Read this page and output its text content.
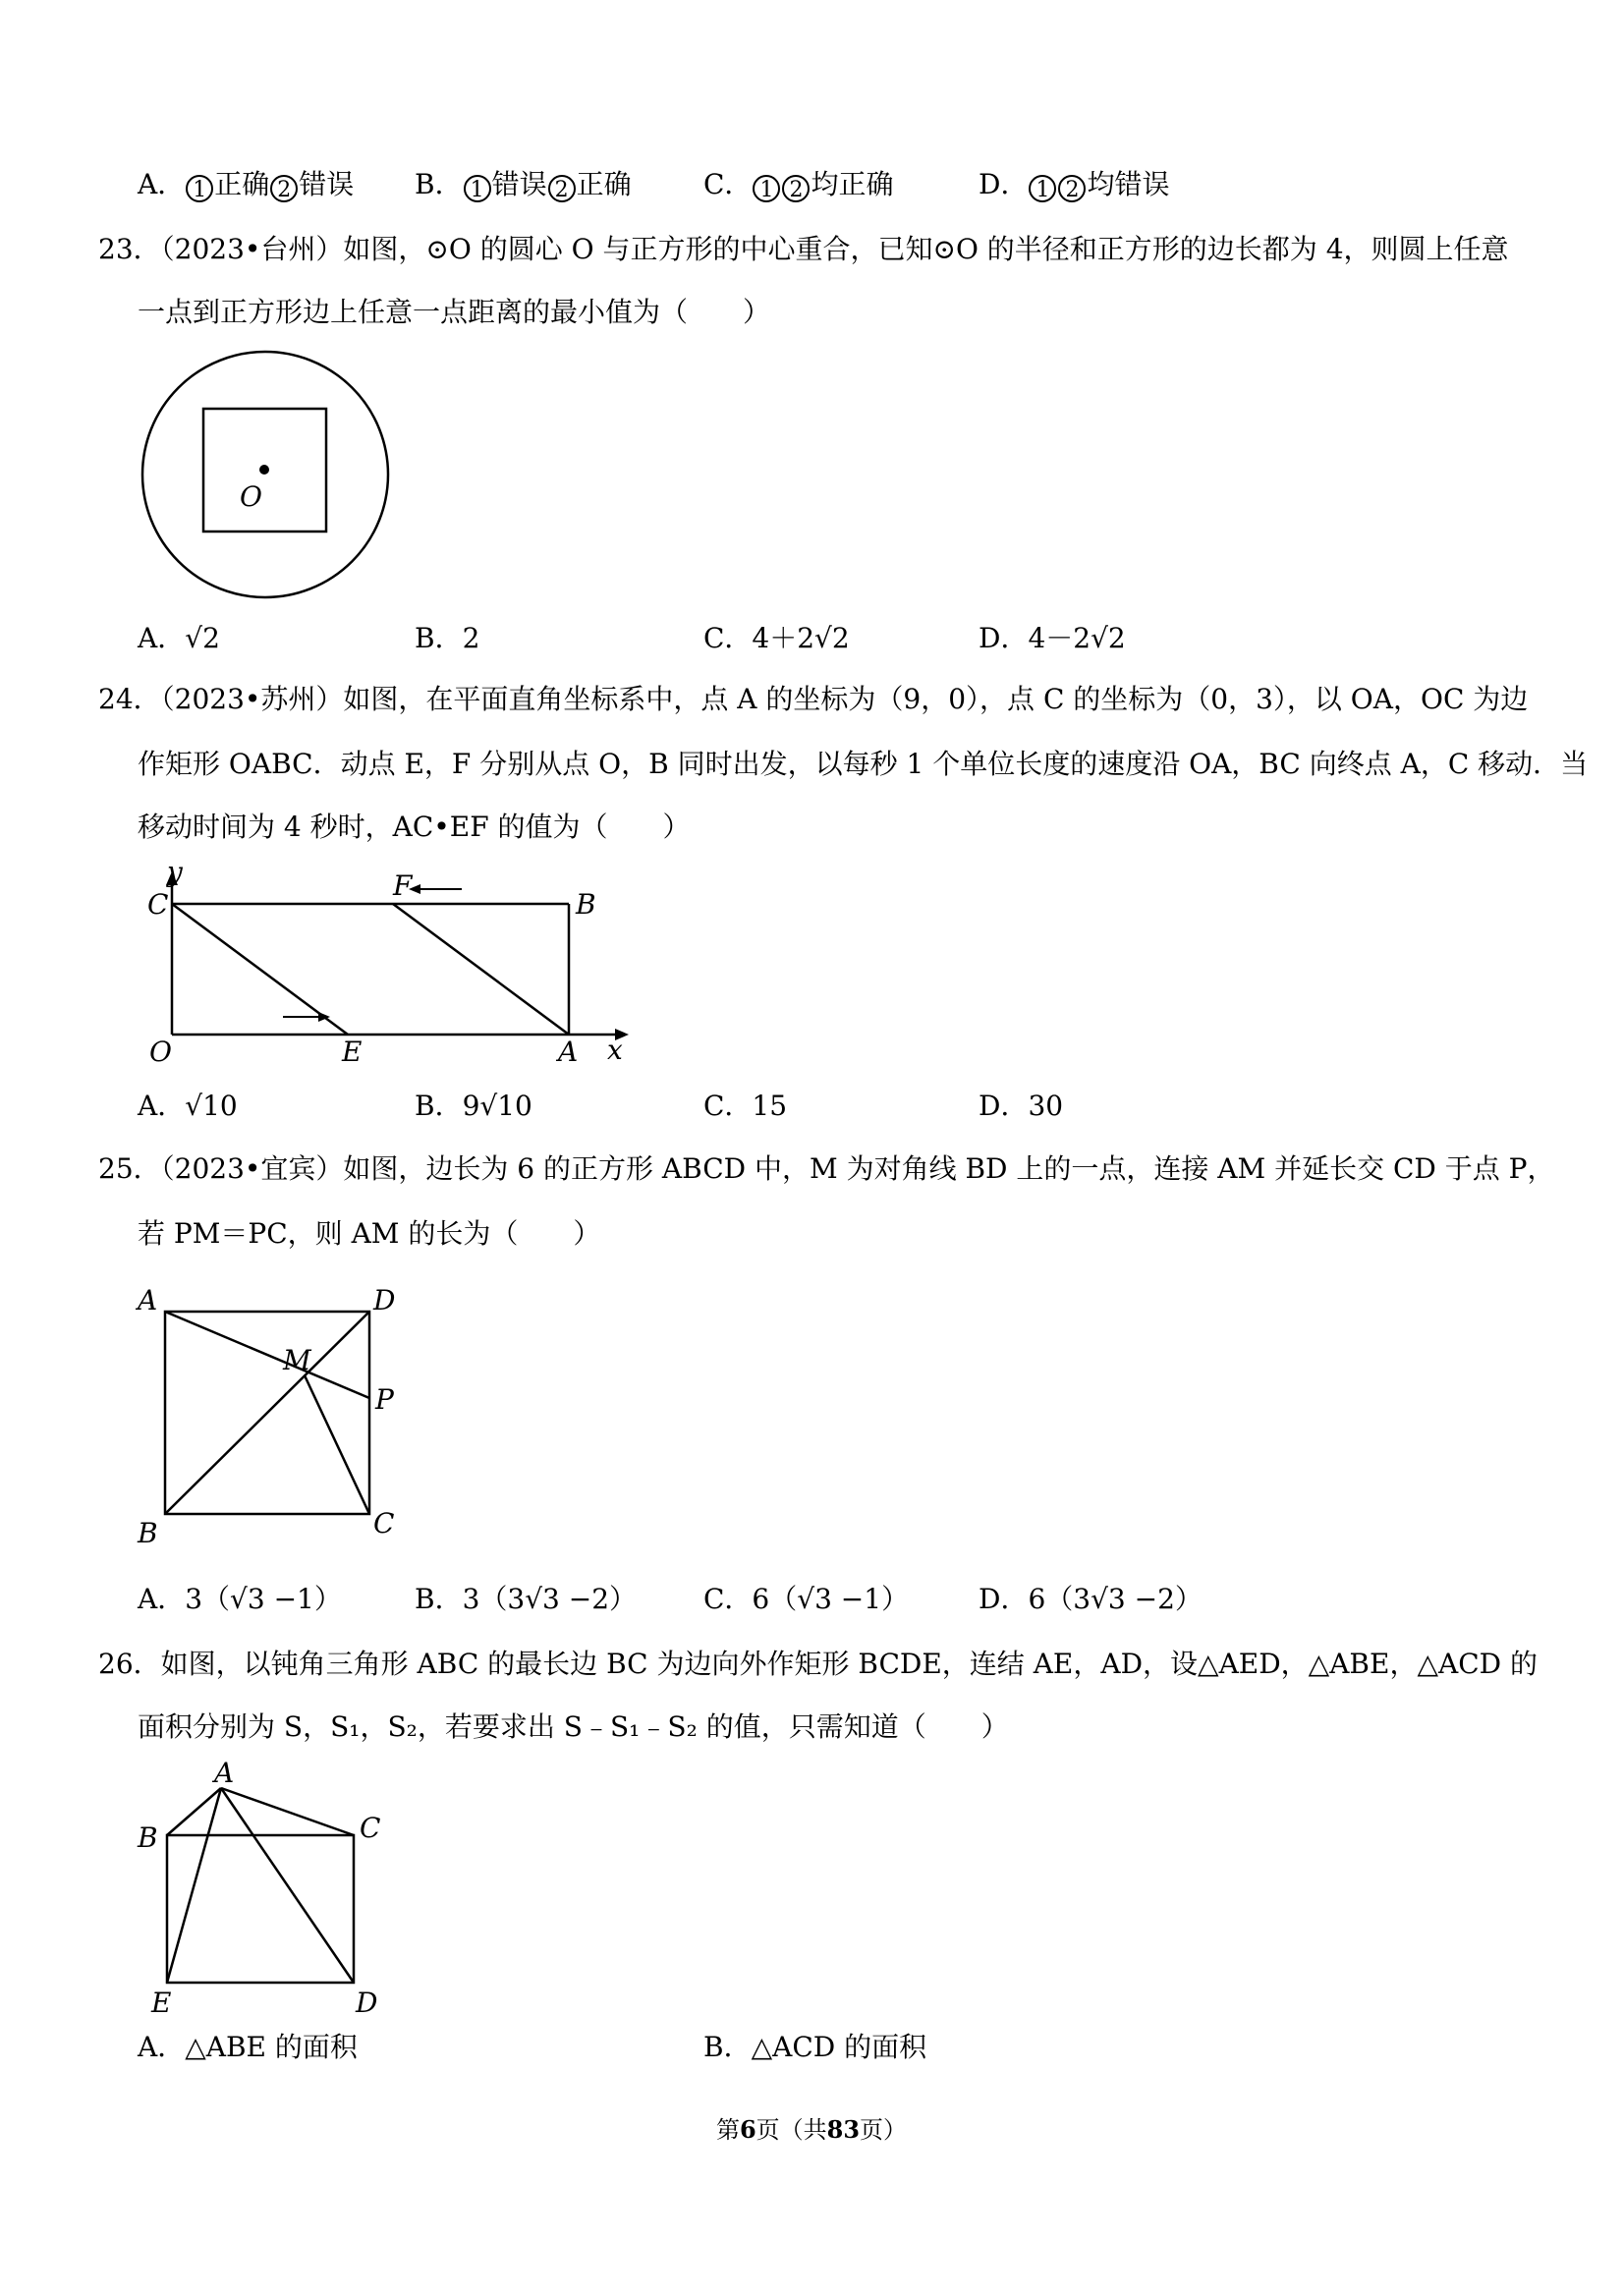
A． 1 正确 2 错误 B． 1 错误 2 正确	C． 1 2 均正确	D． 1 2 均错误
23．（2023•台州）如图，⊙O 的圆心 O 与正方形的中心重合，已知⊙O 的半径和正方形的边长都为 4，则圆上任意
一点到正方形边上任意一点距离的最小值为（　　）
O
A．√2	B．2	C．4＋2√2	D．4－2√2
24．（2023•苏州）如图，在平面直角坐标系中，点 A 的坐标为（9，0），点 C 的坐标为（0，3），以 OA，OC 为边
作矩形 OABC．动点 E，F 分别从点 O，B 同时出发，以每秒 1 个单位长度的速度沿 OA，BC 向终点 A，C 移动．当
移动时间为 4 秒时，AC•EF 的值为（　　）
y
C
F
B
O	E	A x
A．√10	B．9√10	C．15	D．30
25．（2023•宜宾）如图，边长为 6 的正方形 ABCD 中，M 为对角线 BD 上的一点，连接 AM 并延长交 CD 于点 P，
若 PM＝PC，则 AM 的长为（　　）
A	D
M
P
B	C
A．3（√3 −1）	B．3（3√3 −2） C．6（√3 −1）	D．6（3√3 −2）
26．如图，以钝角三角形 ABC 的最长边 BC 为边向外作矩形 BCDE，连结 AE，AD，设△AED，△ABE，△ACD 的
面积分别为 S，S₁，S₂，若要求出 S﹣S₁﹣S₂ 的值，只需知道（　　）
A
B	C
E	D
A．△ABE 的面积	B．△ACD 的面积
第6页（共83页）
